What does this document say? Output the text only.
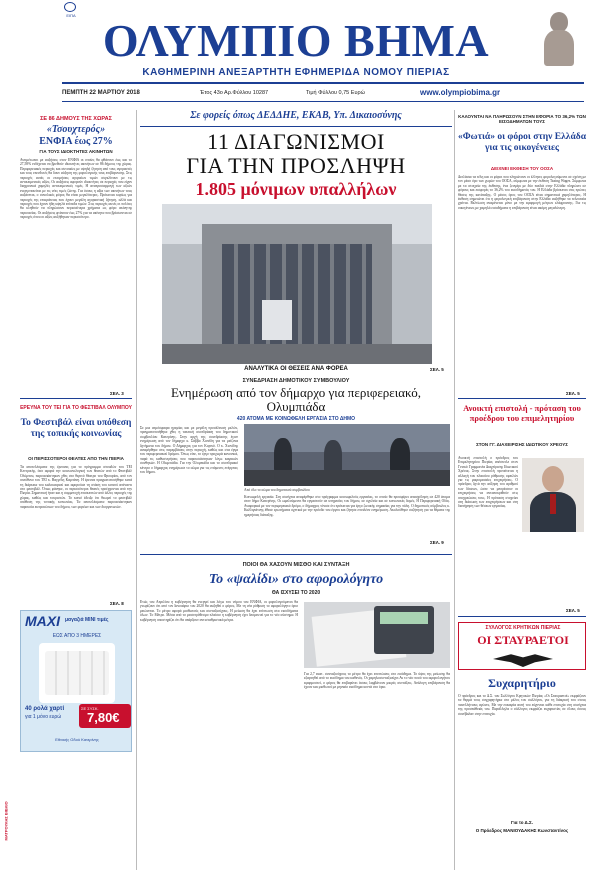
ΕΙΠΑ ΟΛΥΜΠΙΟ ΒΗΜΑ
ΚΑΘΗΜΕΡΙΝΗ ΑΝΕΞΑΡΤΗΤΗ ΕΦΗΜΕΡΙΔΑ ΝΟΜΟΥ ΠΙΕΡΙΑΣ
ΠΕΜΠΤΗ 22 ΜΑΡΤΙΟΥ 2018	Έτος 43ο Αρ.Φύλλου 10287	Τιμή Φύλλου 0,75 Ευρώ	www.olympiobima.gr
ΣΕ 86 ΔΗΜΟΥΣ ΤΗΣ ΧΩΡΑΣ
«Τσουχτερός»
ΕΝΦΙΑ έως 27%
ΓΙΑ ΤΟΥΣ ΙΔΙΟΚΤΗΤΕΣ ΑΚΙΝΗΤΩΝ
Αντιμέτωποι με αυξήσεις στον ΕΝΦΙΑ οι οποίες θα φθάνουν έως και το 27,58% ενδέχεται να βρεθούν ιδιοκτήτες ακινήτων σε 86 δήμους της χώρας. Περιφερειακές περιοχές και συνοικίες με υψηλή ζήτηση από τους αγοραστές και τους επενδυτές θα δουν αύξηση της φορολογικής τους επιβάρυνσης. Στις περιοχές αυτές οι εκτιμήσεις αγοραίων τιμών συγκλίνουν με τις αντικειμενικές αξίες. Οι αυξήσεις αφορούν ιδιοκτήτες σε περιοχές που είχαν διαχρονικά χαμηλές αντικειμενικές τιμές. Η αναπροσαρμογή των αξιών ενεργοποιείται με τις νέες τιμές ζώνης. Για όσους η αξία των ακινήτων τους αυξάνεται, ο συνολικός φόρος θα είναι μεγαλύτερος. Πρόκειται κυρίως για περιοχές της επικράτειας που έχουν μεγάλη αγοραστική ζήτηση, αλλά και περιοχές που έχουν ήδη υψηλά επίπεδα τιμών. Στις περιοχές αυτές οι πολίτες θα κληθούν να πληρώσουν περισσότερα χρήματα ως φόρο ακίνητης περιουσίας. Οι αυξήσεις φτάνουν έως 27% για τα ακίνητα που βρίσκονται σε περιοχές όπου οι αξίες αυξήθηκαν περισσότερο.
ΣΕΛ. 3
ΕΡΕΥΝΑ ΤΟΥ ΤΕΙ ΓΙΑ ΤΟ ΦΕΣΤΙΒΑΛ ΟΛΥΜΠΟΥ
Το Φεστιβάλ είναι υπόθεση της τοπικής κοινωνίας
ΟΙ ΠΕΡΙΣΣΟΤΕΡΟΙ ΘΕΑΤΕΣ ΑΠΟ ΤΗΝ ΠΙΕΡΙΑ
Τα αποτελέσματα της έρευνας για το πρόγραμμα σπουδών του ΤΕΙ Κεντρικής, όσο αφορά την κοινωνιολογική των θεατών από το Φεστιβάλ Ολύμπου, παρουσιάστηκαν χθες στο θερινό θέατρο του Φρουρίου, από τον υπεύθυνο του ΤΕΙ κ. Βαγγέλη Καμπάνη. Η έρευνα πραγματοποιήθηκε κατά τη διάρκεια του καλοκαιριού και αφορούσε τη στάση του κοινού απέναντι στο φεστιβάλ. Όπως φάνηκε, οι περισσότεροι θεατές προέρχονται από την Πιερία. Σημαντική ήταν και η συμμετοχή επισκεπτών από άλλες περιοχές της χώρας, καθώς και τουριστών. Το κοινό έδειξε ότι θεωρεί το φεστιβάλ υπόθεση της τοπικής κοινωνίας. Τα αποτελέσματα παρουσιάστηκαν παρουσία εκπροσώπων του δήμου, των φορέων και των διοργανωτών.
ΣΕΛ. 8
MAXI μαγαζιά MINI τιμές
ΕΩΣ ΑΠΟ 3 ΗΜΕΡΕΣ
40 ρολά χαρτί
για 1 μόνο ευρώ
ΣΕ ΣΥΣΚ.
7,80€
Εθνικής Οδού Κατερίνης
ΜΑΤΡΟΥΛΗΣ ΒΙΒΛΙΟ
Σε φορείς όπως ΔΕΔΔΗΕ, ΕΚΑΒ, Υπ. Δικαιοσύνης
11 ΔΙΑΓΩΝΙΣΜΟΙ
ΓΙΑ ΤΗΝ ΠΡΟΣΛΗΨΗ
1.805 μόνιμων υπαλλήλων
ΑΝΑΛΥΤΙΚΑ ΟΙ ΘΕΣΕΙΣ ΑΝΑ ΦΟΡΕΑ	ΣΕΛ. 5
ΣΥΝΕΔΡΙΑΣΗ ΔΗΜΟΤΙΚΟΥ ΣΥΜΒΟΥΛΙΟΥ
Ενημέρωση από τον δήμαρχο για περιφερειακό, Ολυμπιάδα
420 ΑΤΟΜΑ ΜΕ ΚΟΙΝΩΦΕΛΗ ΕΡΓΑΣΙΑ ΣΤΟ ΔΗΜΟ
Σε μια ατμόσφαιρα ηρεμίας και με μεγάλη προσέλευση μελών, πραγματοποιήθηκε χθες η τακτική συνεδρίαση του δημοτικού συμβουλίου Κατερίνης. Στην αρχή της συνεδρίασης έγινε ενημέρωση από τον δήμαρχο κ. Σάββα Χιονίδη για τα μείζονα ζητήματα του δήμου. Ο Δήμαρχος για τον Κορινό. Ο κ. Χιονίδης αναφέρθηκε στις παρεμβάσεις στην περιοχή, καθώς και στα έργα του περιφερειακού δρόμου. Όπως είπε, το έργο προχωρά κανονικά, παρά τις καθυστερήσεις που παρουσιάστηκαν λόγω καιρικών συνθηκών. Η Ολυμπιάδα. Για την Ολυμπιάδα και το συνεδριακό κέντρο ο δήμαρχος ενημέρωσε το σώμα για τις επόμενες ενέργειες του δήμου.
Από όλο το σώμα του δημοτικού συμβουλίου
Κοινωφελή εργασία. Στη συνέχεια αναφέρθηκε στο πρόγραμμα κοινωφελούς εργασίας, το οποίο θα προσφέρει απασχόληση σε 420 άτομα στον δήμο Κατερίνης. Οι ωφελούμενοι θα εργαστούν σε υπηρεσίες του δήμου, σε σχολεία και σε κοινωνικές δομές. Η Περιφερειακή Οδός. Αναφορικά με τον περιφερειακό δρόμο, ο δήμαρχος τόνισε ότι πρόκειται για έργο ζωτικής σημασίας για την πόλη. Ο δημοτικός σύμβουλος κ. Καλλιγιάννης έθεσε ερωτήματα σχετικά με την πρόοδο του έργου και ζήτησε επιπλέον ενημέρωση. Ακολούθησε συζήτηση για τα θέματα της ημερήσιας διάταξης.
ΣΕΛ. 9
ΠΟΙΟΙ ΘΑ ΧΑΣΟΥΝ ΜΙΣΘΟ ΚΑΙ ΣΥΝΤΑΞΗ
Το «ψαλίδι» στο αφορολόγητο
ΘΑ ΙΣΧΥΣΕΙ ΤΟ 2020
Ενώς του Απριλίου η κυβέρνηση θα ενεργεί και λόγω του νόμου του ΕΝΦΙΑ, οι φορολογούμενοι θα γνωρίζουν ότι από τον Ιανουάριο του 2020 θα αυξηθεί ο φόρος. Με τη νέα ρύθμιση το αφορολόγητο όριο μειώνεται. Το μέτρο αφορά μισθωτούς και συνταξιούχους. Η μείωση θα έχει επίπτωση στα εισοδήματα όλων. Το Μέτρο. Μέσα από το μεσοπρόθεσμο πλαίσιο η κυβέρνηση έχει δεσμευτεί για το νέο σύστημα. Η κυβέρνηση υποστηρίζει ότι θα υπάρξουν αντισταθμιστικά μέτρα.
Για 2,7 εκατ. συνταξιούχους το μέτρο θα έχει επιπτώσεις στο εισόδημα. Το ύψος της μείωσης θα εξαρτηθεί από το εισόδημα του καθενός. Οι χαμηλοσυνταξιούχοι Αν το νέο ποσό του αφορολογήτου εφαρμοστεί, ο φόρος θα επιβαρύνει όσους λαμβάνουν μικρές συντάξεις. Ανάλογη επιβάρυνση θα έχουν και μισθωτοί με μηνιαίο εισόδημα κοντά στο όριο.
ΚΑΛΟΥΝΤΑΙ ΝΑ ΠΛΗΡΩΣΟΥΝ ΣΤΗΝ ΕΦΟΡΙΑ ΤΟ 36,2% ΤΩΝ ΕΙΣΟΔΗΜΑΤΩΝ ΤΟΥΣ
«Φωτιά» οι φόροι στην Ελλάδα για τις οικογένειες
ΔΕΙΧΝΕΙ ΕΚΘΕΣΗ ΤΟΥ ΟΟΣΑ
Διπλάσια τα τέλη και οι φόροι που πληρώνουν οι έλληνες φορολογούμενοι σε σχέση με τον μέσο όρο των χωρών του ΟΟΣΑ, σύμφωνα με την έκθεση Taxing Wages. Σύμφωνα με τα στοιχεία της έκθεσης, ένα ζευγάρι με δύο παιδιά στην Ελλάδα πληρώνει σε φόρους και εισφορές το 36,2% του εισοδήματός του. Η Ελλάδα βρίσκεται στις πρώτες θέσεις της κατάταξης. Ο μέσος όρος του ΟΟΣΑ είναι σημαντικά χαμηλότερος. Η έκθεση σημειώνει ότι η φορολογική επιβάρυνση στην Ελλάδα αυξήθηκε τα τελευταία χρόνια. Βελτίωση αναμένεται μόνο με την εφαρμογή μέτρων ελάφρυνσης. Για τις οικογένειες με χαμηλά εισοδήματα η επιβάρυνση είναι ακόμη μεγαλύτερη.
ΣΕΛ. 5
Ανοικτή επιστολή - πρόταση του προέδρου του επιμελητηρίου
ΣΤΟΝ ΓΓ. ΔΙΑΧΕΙΡΙΣΗΣ ΙΔΙΩΤΙΚΟΥ ΧΡΕΟΥΣ
Ανοικτή επιστολή ο πρόεδρος του Επιμελητηρίου Πιερίας απέστειλε στον Γενικό Γραμματέα Διαχείρισης Ιδιωτικού Χρέους. Στην επιστολή προτείνεται η αλλαγή του πλαισίου ρύθμισης οφειλών για τις μικρομεσαίες επιχειρήσεις. Ο πρόεδρος ζητά την αύξηση του αριθμού των δόσεων, ώστε να μπορέσουν οι επιχειρήσεις να ανταποκριθούν στις υποχρεώσεις τους. Η πρόταση στοχεύει στη διάσωση των επιχειρήσεων και στη διατήρηση των θέσεων εργασίας.
ΣΕΛ. 5
ΣΥΛΛΟΓΟΣ ΚΡΗΤΙΚΩΝ ΠΙΕΡΙΑΣ
ΟΙ ΣΤΑΥΡΑΕΤΟΙ
Συχαρητήριο
Ο πρόεδρος και το Δ.Σ. του Συλλόγου Κρητικών Πιερίας «Οι Σταυραετοί» εκφράζουν τα θερμά τους συγχαρητήρια στο μέλος του συλλόγου, για τη διάκρισή του στους πανελλήνιους αγώνες. Με την ευκαιρία αυτή του εύχονται κάθε επιτυχία στη συνέχεια της προσπάθειάς του. Παράλληλα ο σύλλογος εκφράζει ευχαριστίες σε όλους όσους συνέβαλαν στην επιτυχία.
Για το Δ.Σ.
Ο Πρόεδρος ΜΑΝΙΟΥΔΑΚΗΣ Κωνσταντίνος
